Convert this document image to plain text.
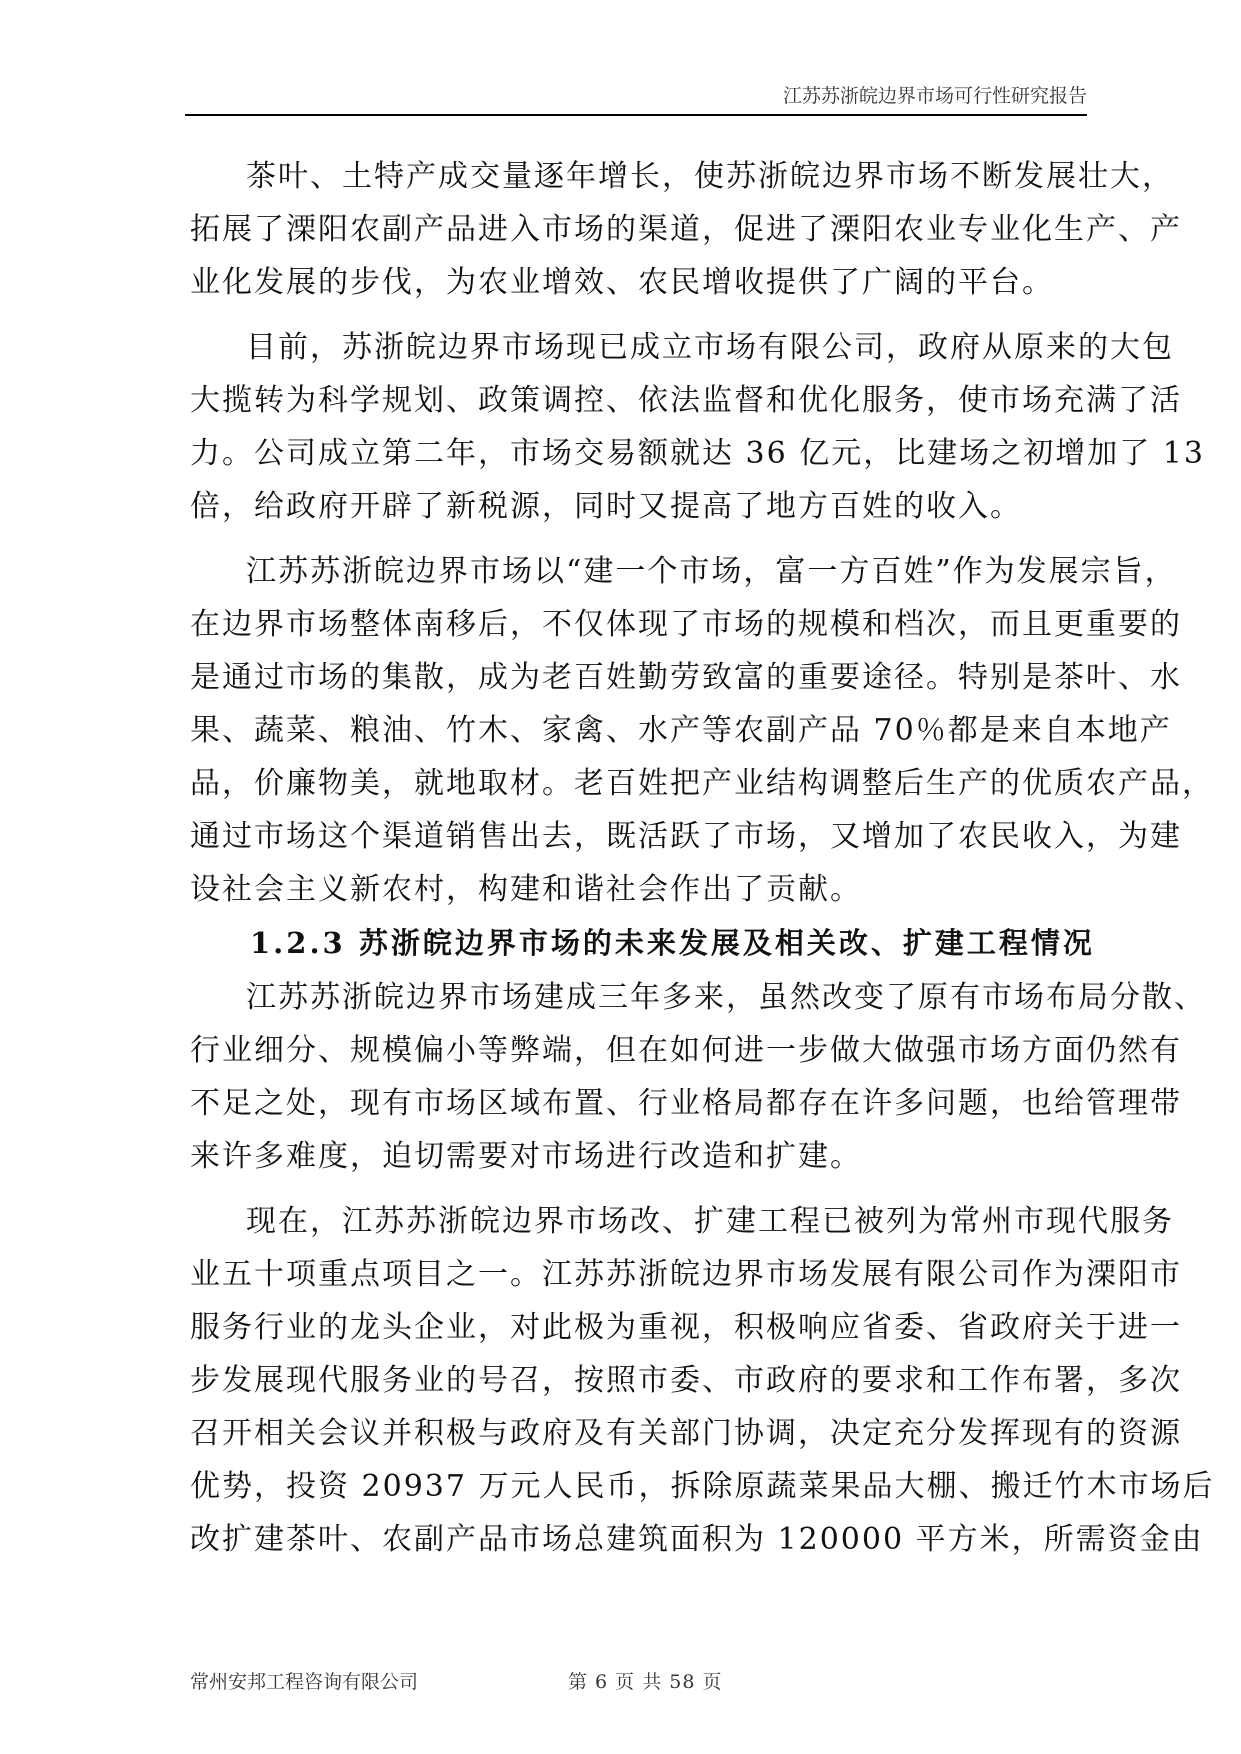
江苏苏浙皖边界市场可行性研究报告
茶叶、土特产成交量逐年增长，使苏浙皖边界市场不断发展壮大，
拓展了溧阳农副产品进入市场的渠道，促进了溧阳农业专业化生产、产
业化发展的步伐，为农业增效、农民增收提供了广阔的平台。
目前，苏浙皖边界市场现已成立市场有限公司，政府从原来的大包
大揽转为科学规划、政策调控、依法监督和优化服务，使市场充满了活
力。公司成立第二年，市场交易额就达 36 亿元，比建场之初增加了 13
倍，给政府开辟了新税源，同时又提高了地方百姓的收入。
江苏苏浙皖边界市场以“建一个市场，富一方百姓”作为发展宗旨，
在边界市场整体南移后，不仅体现了市场的规模和档次，而且更重要的
是通过市场的集散，成为老百姓勤劳致富的重要途径。特别是茶叶、水
果、蔬菜、粮油、竹木、家禽、水产等农副产品 70％都是来自本地产
品，价廉物美，就地取材。老百姓把产业结构调整后生产的优质农产品，
通过市场这个渠道销售出去，既活跃了市场，又增加了农民收入，为建
设社会主义新农村，构建和谐社会作出了贡献。
1.2.3 苏浙皖边界市场的未来发展及相关改、扩建工程情况
江苏苏浙皖边界市场建成三年多来，虽然改变了原有市场布局分散、
行业细分、规模偏小等弊端，但在如何进一步做大做强市场方面仍然有
不足之处，现有市场区域布置、行业格局都存在许多问题，也给管理带
来许多难度，迫切需要对市场进行改造和扩建。
现在，江苏苏浙皖边界市场改、扩建工程已被列为常州市现代服务
业五十项重点项目之一。江苏苏浙皖边界市场发展有限公司作为溧阳市
服务行业的龙头企业，对此极为重视，积极响应省委、省政府关于进一
步发展现代服务业的号召，按照市委、市政府的要求和工作布署，多次
召开相关会议并积极与政府及有关部门协调，决定充分发挥现有的资源
优势，投资 20937 万元人民币，拆除原蔬菜果品大棚、搬迁竹木市场后
改扩建茶叶、农副产品市场总建筑面积为 120000 平方米，所需资金由
常州安邦工程咨询有限公司	第 6 页 共 58 页
